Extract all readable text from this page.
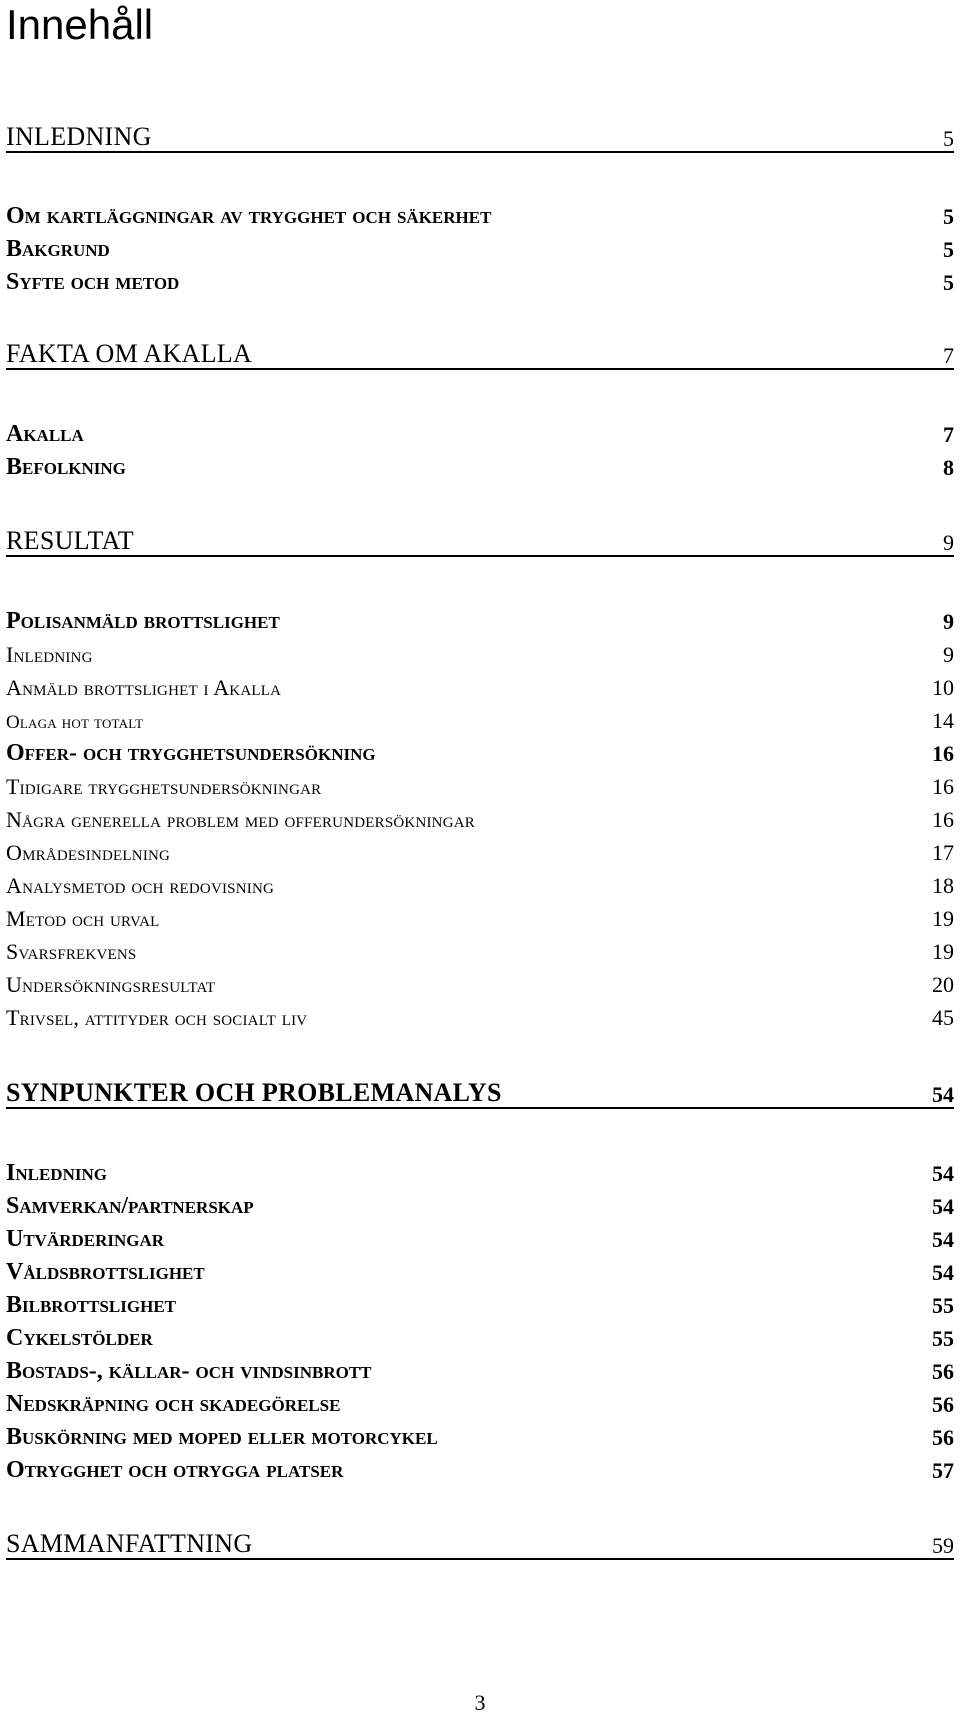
Innehåll
INLEDNING	5
Om kartläggningar av trygghet och säkerhet	5
Bakgrund	5
Syfte och metod	5
FAKTA OM AKALLA	7
Akalla	7
Befolkning	8
RESULTAT	9
Polisanmäld brottslighet	9
Inledning	9
Anmäld brottslighet i Akalla	10
Olaga hot totalt	14
Offer- och trygghetsundersökning	16
Tidigare trygghetsundersökningar	16
Några generella problem med offerundersökningar	16
Områdesindelning	17
Analysmetod och redovisning	18
Metod och urval	19
Svarsfrekvens	19
Undersökningsresultat	20
Trivsel, attityder och socialt liv	45
SYNPUNKTER OCH PROBLEMANALYS	54
Inledning	54
Samverkan/partnerskap	54
Utvärderingar	54
Våldsbrottslighet	54
Bilbrottslighet	55
Cykelstölder	55
Bostads-, källar- och vindsinbrott	56
Nedskräpning och skadegörelse	56
Buskörning med moped eller motorcykel	56
Otrygghet och otrygga platser	57
SAMMANFATTNING	59
3
